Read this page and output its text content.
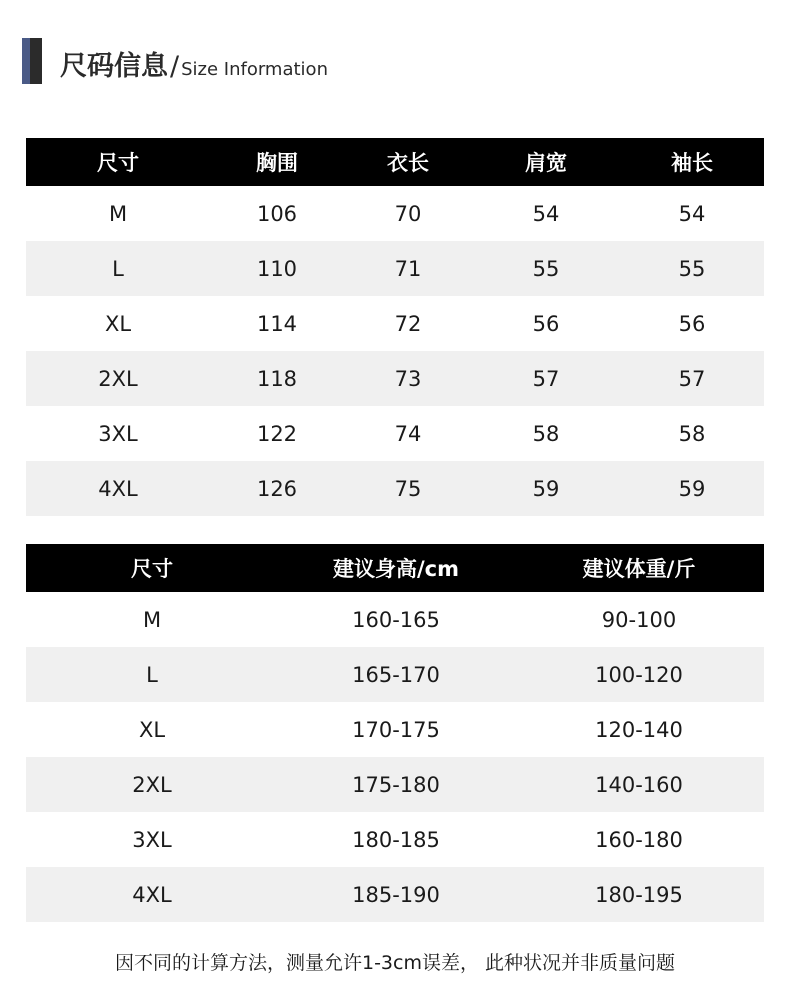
尺码信息 / Size Information
尺寸	胸围	衣长	肩宽	袖长
M	106	70	54	54
L	110	71	55	55
XL	114	72	56	56
2XL	118	73	57	57
3XL	122	74	58	58
4XL	126	75	59	59
尺寸	建议身高/cm	建议体重/斤
M	160-165	90-100
L	165-170	100-120
XL	170-175	120-140
2XL	175-180	140-160
3XL	180-185	160-180
4XL	185-190	180-195
因不同的计算方法，测量允许1-3cm误差， 此种状况并非质量问题
